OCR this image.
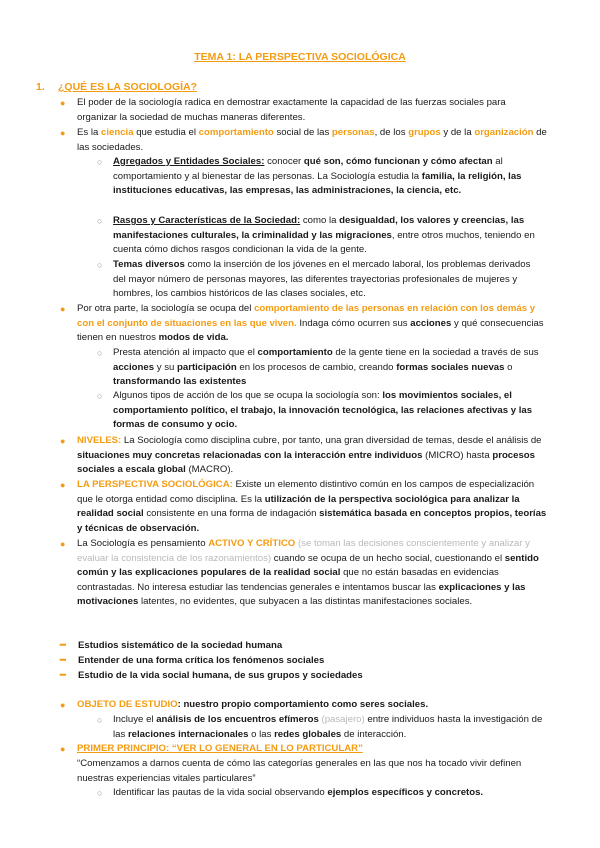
TEMA 1: LA PERSPECTIVA SOCIOLÓGICA
1. ¿QUÉ ES LA SOCIOLOGÍA?
● El poder de la sociología radica en demostrar exactamente la capacidad de las fuerzas sociales para organizar la sociedad de muchas maneras diferentes.
● Es la ciencia que estudia el comportamiento social de las personas, de los grupos y de la organización de las sociedades.
○ Agregados y Entidades Sociales: conocer qué son, cómo funcionan y cómo afectan al comportamiento y al bienestar de las personas. La Sociología estudia la familia, la religión, las instituciones educativas, las empresas, las administraciones, la ciencia, etc.
○ Rasgos y Características de la Sociedad: como la desigualdad, los valores y creencias, las manifestaciones culturales, la criminalidad y las migraciones, entre otros muchos, teniendo en cuenta cómo dichos rasgos condicionan la vida de la gente.
○ Temas diversos como la inserción de los jóvenes en el mercado laboral, los problemas derivados del mayor número de personas mayores, las diferentes trayectorias profesionales de mujeres y hombres, los cambios históricos de las clases sociales, etc.
● Por otra parte, la sociología se ocupa del comportamiento de las personas en relación con los demás y con el conjunto de situaciones en las que viven. Indaga cómo ocurren sus acciones y qué consecuencias tienen en nuestros modos de vida.
○ Presta atención al impacto que el comportamiento de la gente tiene en la sociedad a través de sus acciones y su participación en los procesos de cambio, creando formas sociales nuevas o transformando las existentes
○ Algunos tipos de acción de los que se ocupa la sociología son: los movimientos sociales, el comportamiento político, el trabajo, la innovación tecnológica, las relaciones afectivas y las formas de consumo y ocio.
● NIVELES: La Sociología como disciplina cubre, por tanto, una gran diversidad de temas, desde el análisis de situaciones muy concretas relacionadas con la interacción entre individuos (MICRO) hasta procesos sociales a escala global (MACRO).
● LA PERSPECTIVA SOCIOLÓGICA: Existe un elemento distintivo común en los campos de especialización que le otorga entidad como disciplina. Es la utilización de la perspectiva sociológica para analizar la realidad social consistente en una forma de indagación sistemática basada en conceptos propios, teorías y técnicas de observación.
● La Sociología es pensamiento ACTIVO Y CRÍTICO (se toman las decisiones conscientemente y analizar y evaluar la consistencia de los razonamientos) cuando se ocupa de un hecho social, cuestionando el sentido común y las explicaciones populares de la realidad social que no están basadas en evidencias contrastadas. No interesa estudiar las tendencias generales e intentamos buscar las explicaciones y las motivaciones latentes, no evidentes, que subyacen a las distintas manifestaciones sociales.
━ Estudios sistemático de la sociedad humana
━ Entender de una forma crítica los fenómenos sociales
━ Estudio de la vida social humana, de sus grupos y sociedades
● OBJETO DE ESTUDIO: nuestro propio comportamiento como seres sociales.
○ Incluye el análisis de los encuentros efímeros (pasajero) entre individuos hasta la investigación de las relaciones internacionales o las redes globales de interacción.
● PRIMER PRINCIPIO: “VER LO GENERAL EN LO PARTICULAR”
“Comenzamos a darnos cuenta de cómo las categorías generales en las que nos ha tocado vivir definen nuestras experiencias vitales particulares”
○ Identificar las pautas de la vida social observando ejemplos específicos y concretos.
